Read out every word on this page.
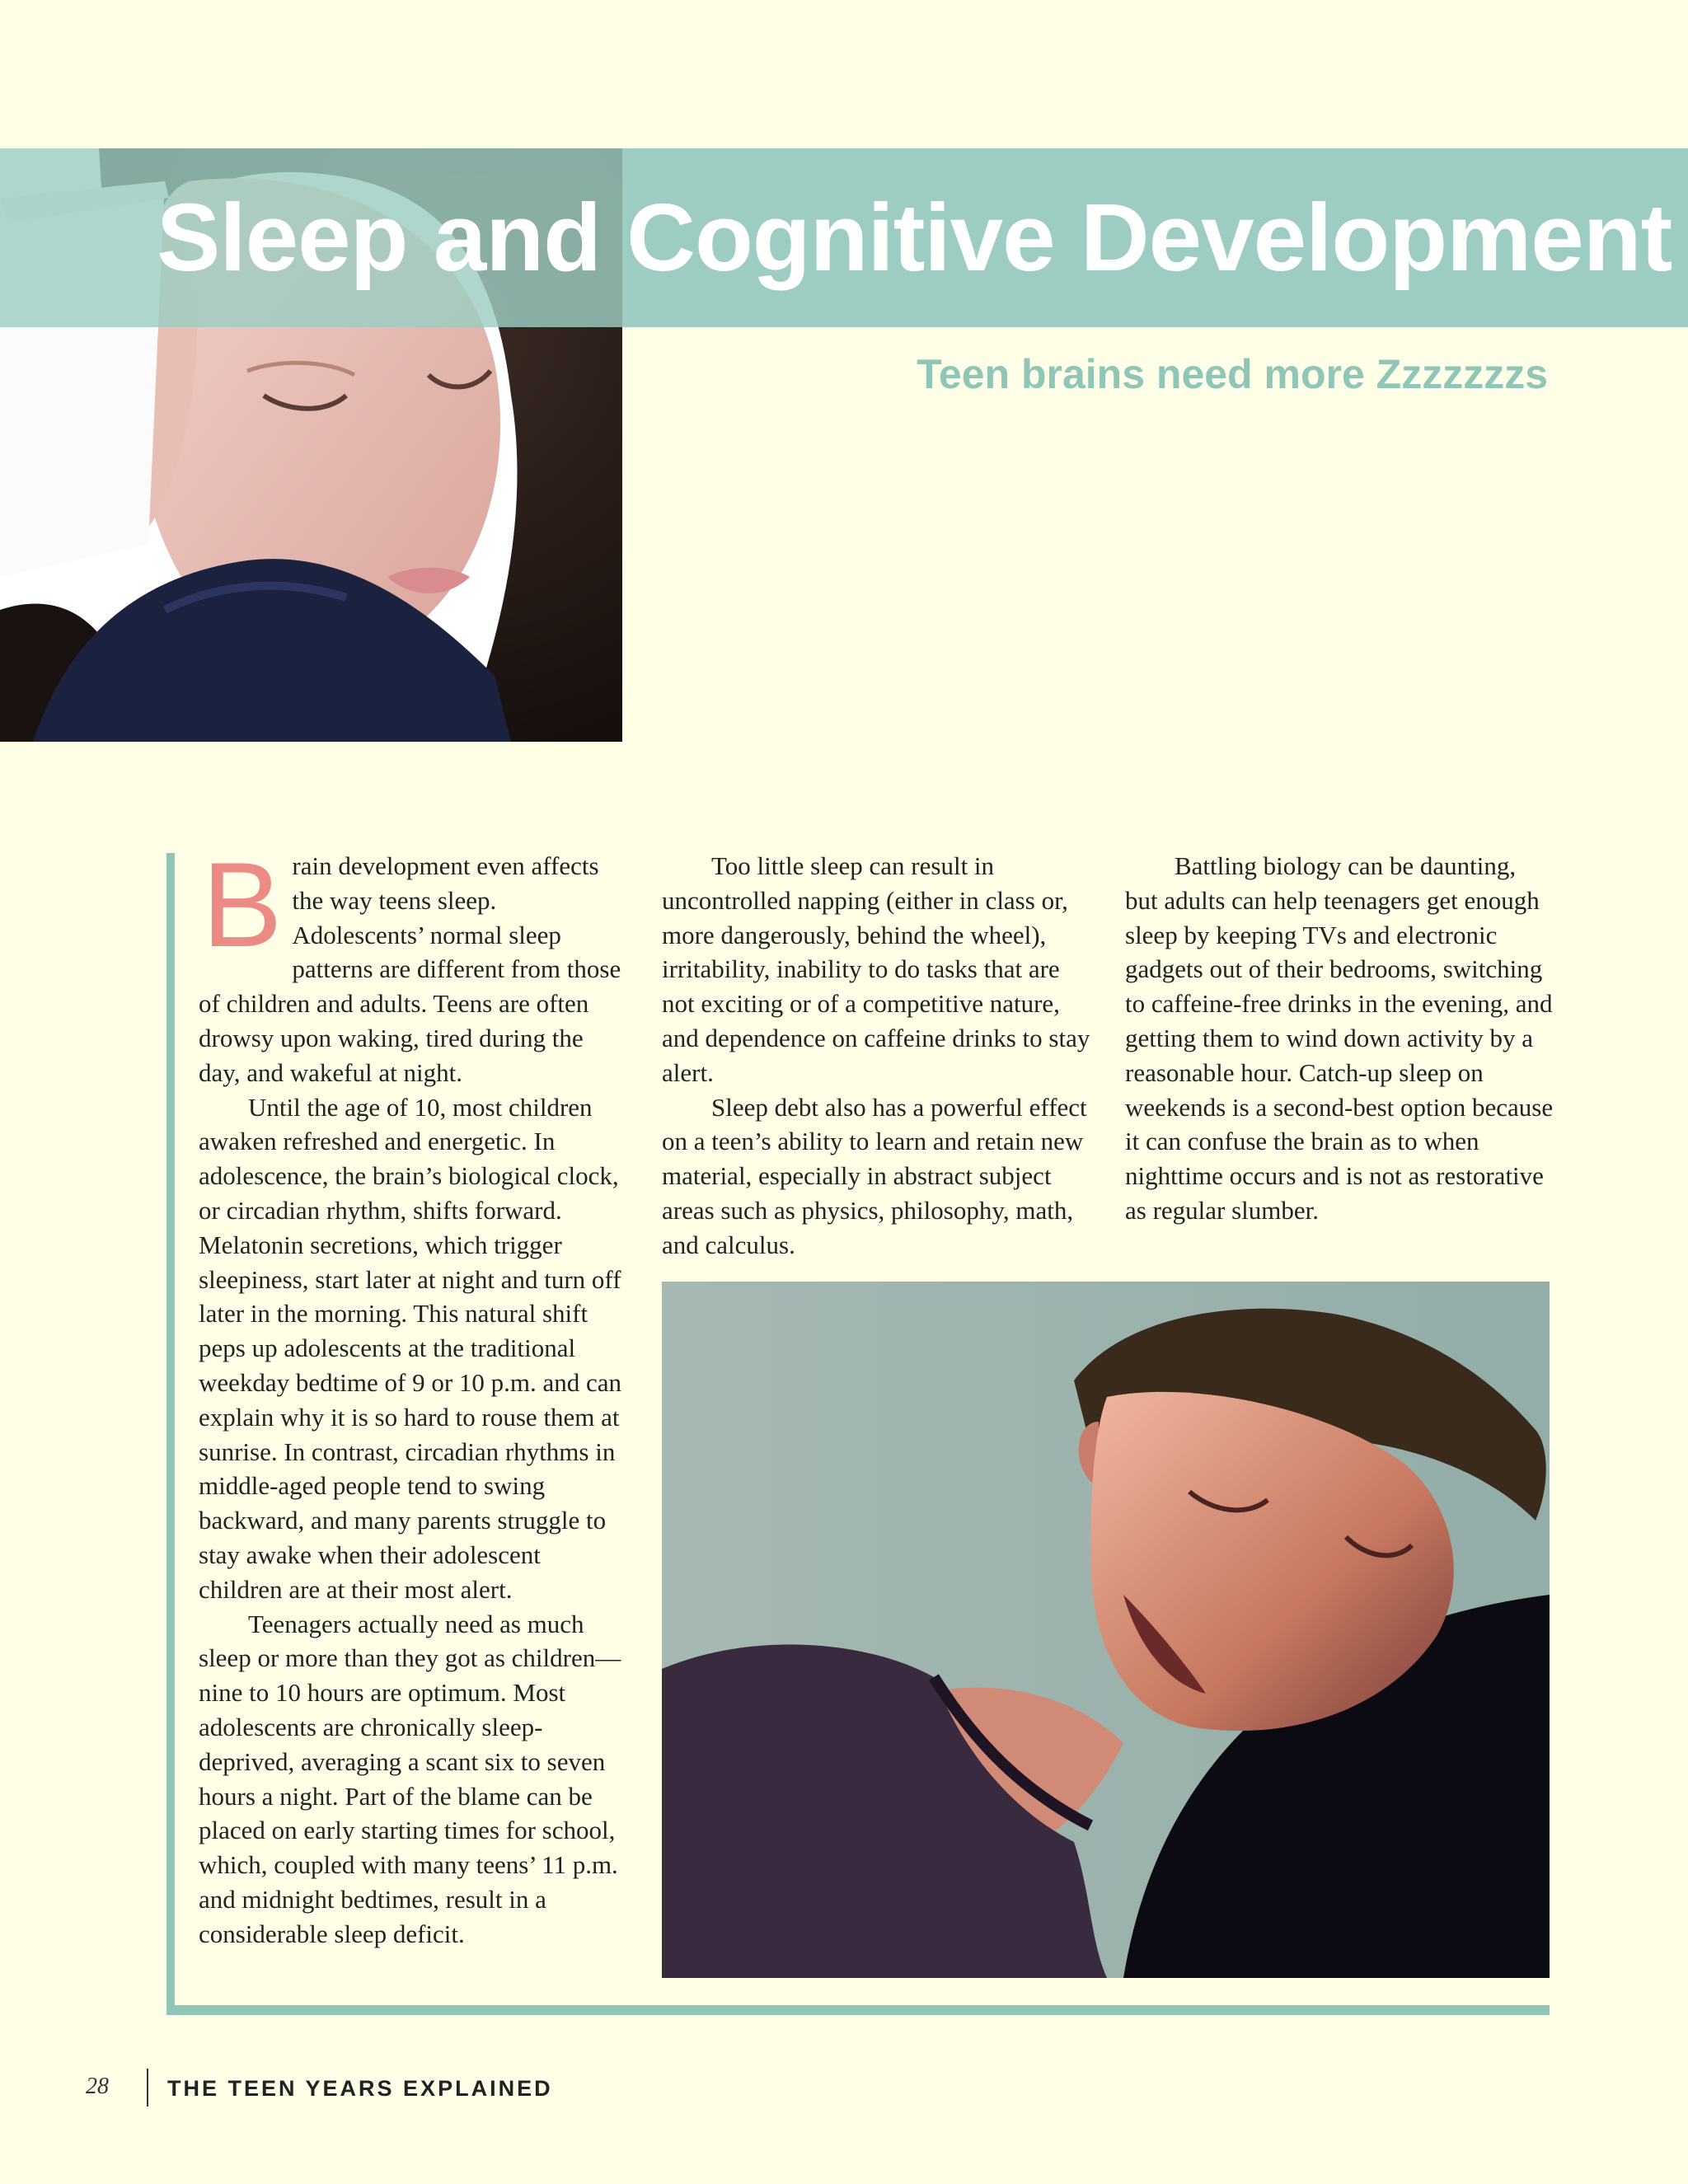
Sleep and Cognitive Development
Teen brains need more Zzzzzzzs

Brain development even affects the way teens sleep. Adolescents’ normal sleep patterns are different from those of children and adults. Teens are often drowsy upon waking, tired during the day, and wakeful at night.

Until the age of 10, most children awaken refreshed and energetic. In adolescence, the brain’s biological clock, or circadian rhythm, shifts forward. Melatonin secretions, which trigger sleepiness, start later at night and turn off later in the morning. This natural shift peps up adolescents at the traditional weekday bedtime of 9 or 10 p.m. and can explain why it is so hard to rouse them at sunrise. In contrast, circadian rhythms in middle-aged people tend to swing backward, and many parents struggle to stay awake when their adolescent children are at their most alert.

Teenagers actually need as much sleep or more than they got as children—nine to 10 hours are optimum. Most adolescents are chronically sleep-deprived, averaging a scant six to seven hours a night. Part of the blame can be placed on early starting times for school, which, coupled with many teens’ 11 p.m. and midnight bedtimes, result in a considerable sleep deficit.

Too little sleep can result in uncontrolled napping (either in class or, more dangerously, behind the wheel), irritability, inability to do tasks that are not exciting or of a competitive nature, and dependence on caffeine drinks to stay alert.

Sleep debt also has a powerful effect on a teen’s ability to learn and retain new material, especially in abstract subject areas such as physics, philosophy, math, and calculus.

Battling biology can be daunting, but adults can help teenagers get enough sleep by keeping TVs and electronic gadgets out of their bedrooms, switching to caffeine-free drinks in the evening, and getting them to wind down activity by a reasonable hour. Catch-up sleep on weekends is a second-best option because it can confuse the brain as to when nighttime occurs and is not as restorative as regular slumber.

28	THE TEEN YEARS EXPLAINED
